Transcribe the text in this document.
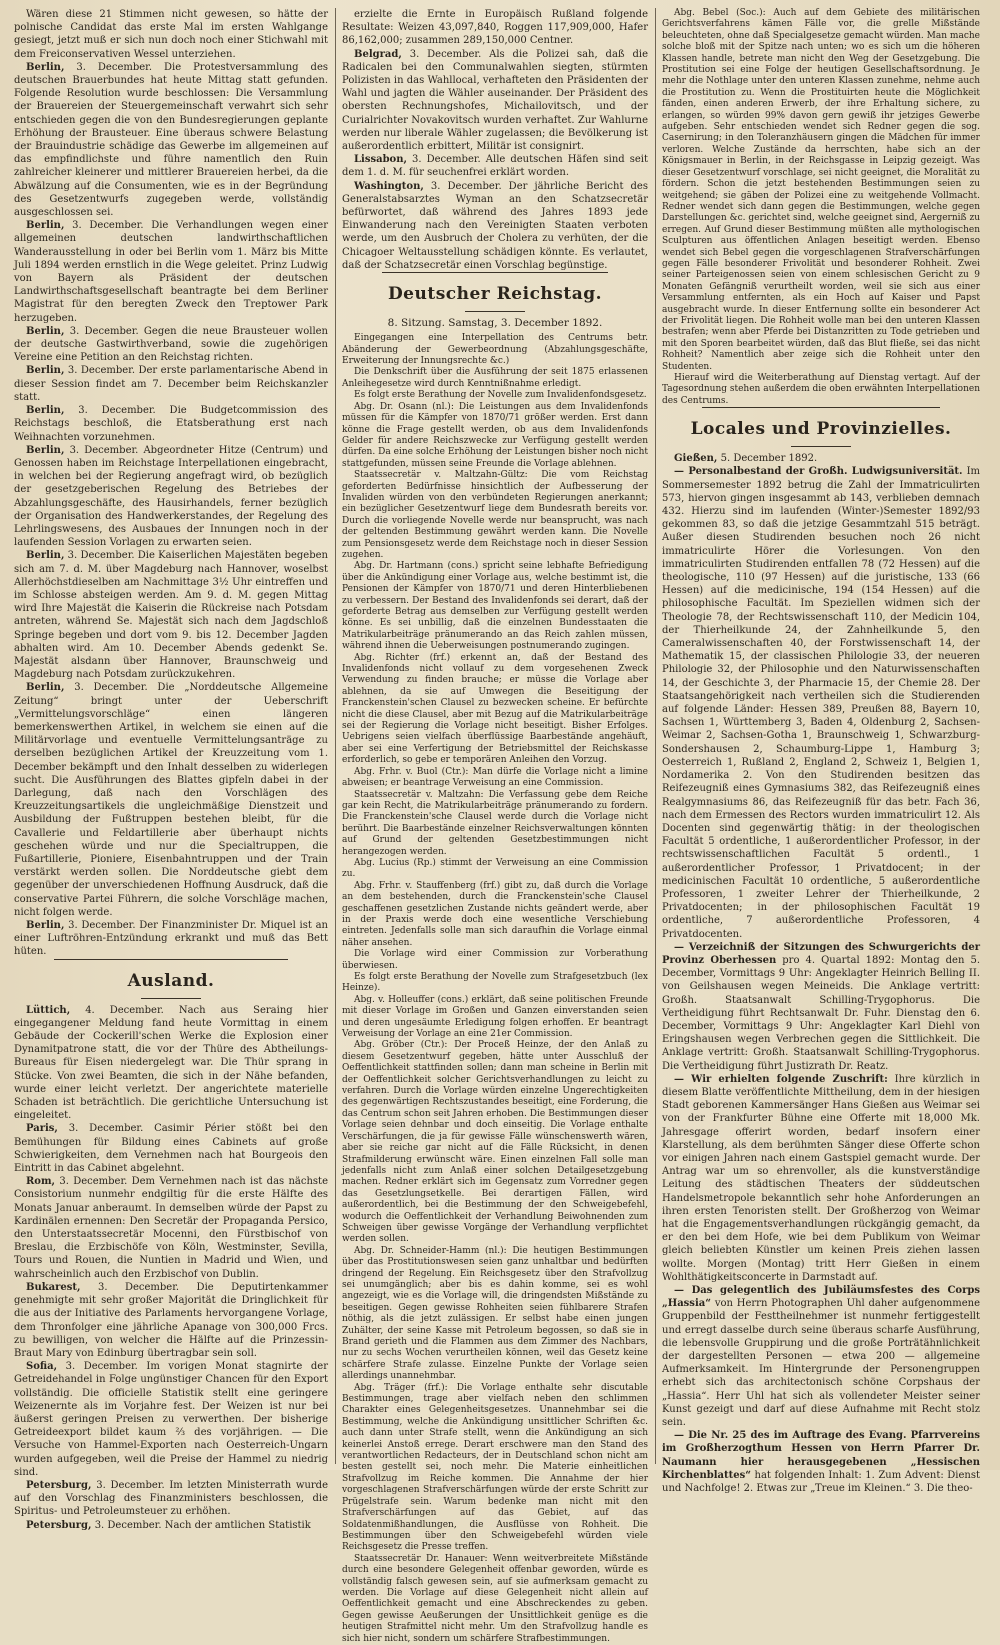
Wären diese 21 Stimmen nicht gewesen, so hätte der polnische Candidat das erste Mal im ersten Wahlgange gesiegt, jetzt muß er sich nun doch noch einer Stichwahl mit dem Freiconservativen Wessel unterziehen.

Berlin, 3. December. Die Protestversammlung des deutschen Brauerbundes hat heute Mittag statt gefunden. Folgende Resolution wurde beschlossen: Die Versammlung der Brauereien der Steuergemeinschaft verwahrt sich sehr entschieden gegen die von den Bundesregierungen geplante Erhöhung der Brausteuer. Eine überaus schwere Belastung der Brauindustrie schädige das Gewerbe im allgemeinen auf das empfindlichste und führe namentlich den Ruin zahlreicher kleinerer und mittlerer Brauereien herbei, da die Abwälzung auf die Consumenten, wie es in der Begründung des Gesetzentwurfs zugegeben werde, vollständig ausgeschlossen sei.

Berlin, 3. December. Die Verhandlungen wegen einer allgemeinen deutschen landwirthschaftlichen Wanderausstellung in oder bei Berlin vom 1. März bis Mitte Juli 1894 werden ernstlich in die Wege geleitet. Prinz Ludwig von Bayern als Präsident der deutschen Landwirthschaftsgesellschaft beantragte bei dem Berliner Magistrat für den beregten Zweck den Treptower Park herzugeben.

Berlin, 3. December. Gegen die neue Brausteuer wollen der deutsche Gastwirthverband, sowie die zugehörigen Vereine eine Petition an den Reichstag richten.

Berlin, 3. December. Der erste parlamentarische Abend in dieser Session findet am 7. December beim Reichskanzler statt.

Berlin, 3. December. Die Budgetcommission des Reichstags beschloß, die Etatsberathung erst nach Weihnachten vorzunehmen.

Berlin, 3. December. Abgeordneter Hitze (Centrum) und Genossen haben im Reichstage Interpellationen eingebracht, in welchen bei der Regierung angefragt wird, ob bezüglich der gesetzgeberischen Regelung des Betriebes der Abzahlungsgeschäfte, des Hausirhandels, ferner bezüglich der Organisation des Handwerkerstandes, der Regelung des Lehrlingswesens, des Ausbaues der Innungen noch in der laufenden Session Vorlagen zu erwarten seien.

Berlin, 3. December. Die Kaiserlichen Majestäten begeben sich am 7. d. M. über Magdeburg nach Hannover, woselbst Allerhöchstdieselben am Nachmittage 3½ Uhr eintreffen und im Schlosse absteigen werden. Am 9. d. M. gegen Mittag wird Ihre Majestät die Kaiserin die Rückreise nach Potsdam antreten, während Se. Majestät sich nach dem Jagdschloß Springe begeben und dort vom 9. bis 12. December Jagden abhalten wird. Am 10. December Abends gedenkt Se. Majestät alsdann über Hannover, Braunschweig und Magdeburg nach Potsdam zurückzukehren.

Berlin, 3. December. Die „Norddeutsche Allgemeine Zeitung“ bringt unter der Ueberschrift „Vermittelungsvorschläge“ einen längeren bemerkenswerthen Artikel, in welchem sie einen auf die Militärvorlage und eventuelle Vermittelungsanträge zu derselben bezüglichen Artikel der Kreuzzeitung vom 1. December bekämpft und den Inhalt desselben zu widerlegen sucht. Die Ausführungen des Blattes gipfeln dabei in der Darlegung, daß nach den Vorschlägen des Kreuzzeitungsartikels die ungleichmäßige Dienstzeit und Ausbildung der Fußtruppen bestehen bleibt, für die Cavallerie und Feldartillerie aber überhaupt nichts geschehen würde und nur die Specialtruppen, die Fußartillerie, Pioniere, Eisenbahntruppen und der Train verstärkt werden sollen. Die Norddeutsche giebt dem gegenüber der unverschiedenen Hoffnung Ausdruck, daß die conservative Partei Führern, die solche Vorschläge machen, nicht folgen werde.

Berlin, 3. December. Der Finanzminister Dr. Miquel ist an einer Luftröhren-Entzündung erkrankt und muß das Bett hüten.

Ausland.

Lüttich, 4. December. Nach aus Seraing hier eingegangener Meldung fand heute Vormittag in einem Gebäude der Cockerill'schen Werke die Explosion einer Dynamitpatrone statt, die vor der Thüre des Abtheilungs-Bureaus für Eisen niedergelegt war. Die Thür sprang in Stücke. Von zwei Beamten, die sich in der Nähe befanden, wurde einer leicht verletzt. Der angerichtete materielle Schaden ist beträchtlich. Die gerichtliche Untersuchung ist eingeleitet.

Paris, 3. December. Casimir Périer stößt bei den Bemühungen für Bildung eines Cabinets auf große Schwierigkeiten, dem Vernehmen nach hat Bourgeois den Eintritt in das Cabinet abgelehnt.

Rom, 3. December. Dem Vernehmen nach ist das nächste Consistorium nunmehr endgiltig für die erste Hälfte des Monats Januar anberaumt. In demselben würde der Papst zu Kardinälen ernennen: Den Secretär der Propaganda Persico, den Unterstaatssecretär Mocenni, den Fürstbischof von Breslau, die Erzbischöfe von Köln, Westminster, Sevilla, Tours und Rouen, die Nuntien in Madrid und Wien, und wahrscheinlich auch den Erzbischof von Dublin.

Bukarest, 3. December. Die Deputirtenkammer genehmigte mit sehr großer Majorität die Dringlichkeit für die aus der Initiative des Parlaments hervorgangene Vorlage, dem Thronfolger eine jährliche Apanage von 300,000 Frcs. zu bewilligen, von welcher die Hälfte auf die Prinzessin-Braut Mary von Edinburg übertragbar sein soll.

Sofia, 3. December. Im vorigen Monat stagnirte der Getreidehandel in Folge ungünstiger Chancen für den Export vollständig. Die officielle Statistik stellt eine geringere Weizenernte als im Vorjahre fest. Der Weizen ist nur bei äußerst geringen Preisen zu verwerthen. Der bisherige Getreideexport bildet kaum ⅔ des vorjährigen. — Die Versuche von Hammel-Exporten nach Oesterreich-Ungarn wurden aufgegeben, weil die Preise der Hammel zu niedrig sind.

Petersburg, 3. December. Im letzten Ministerrath wurde auf den Vorschlag des Finanzministers beschlossen, die Spiritus- und Petroleumsteuer zu erhöhen.

Petersburg, 3. December. Nach der amtlichen Statistik

erzielte die Ernte in Europäisch Rußland folgende Resultate: Weizen 43,097,840, Roggen 117,909,000, Hafer 86,162,000; zusammen 289,150,000 Centner.

Belgrad, 3. December. Als die Polizei sah, daß die Radicalen bei den Communalwahlen siegten, stürmten Polizisten in das Wahllocal, verhafteten den Präsidenten der Wahl und jagten die Wähler auseinander. Der Präsident des obersten Rechnungshofes, Michailovitsch, und der Curialrichter Novakovitsch wurden verhaftet. Zur Wahlurne werden nur liberale Wähler zugelassen; die Bevölkerung ist außerordentlich erbittert, Militär ist consignirt.

Lissabon, 3. December. Alle deutschen Häfen sind seit dem 1. d. M. für seuchenfrei erklärt worden.

Washington, 3. December. Der jährliche Bericht des Generalstabsarztes Wyman an den Schatzsecretär befürwortet, daß während des Jahres 1893 jede Einwanderung nach den Vereinigten Staaten verboten werde, um den Ausbruch der Cholera zu verhüten, der die Chicagoer Weltausstellung schädigen könnte. Es verlautet, daß der Schatzsecretär einen Vorschlag begünstige.

Deutscher Reichstag.
8. Sitzung. Samstag, 3. December 1892.

Eingegangen eine Interpellation des Centrums betr. Abänderung der Gewerbeordnung (Abzahlungsgeschäfte, Erweiterung der Innungsrechte &c.)

Die Denkschrift über die Ausführung der seit 1875 erlassenen Anleihegesetze wird durch Kenntnißnahme erledigt.

Es folgt erste Berathung der Novelle zum Invalidenfondsgesetz.

Abg. Dr. Osann (nl.): Die Leistungen aus dem Invalidenfonds müssen für die Kämpfer von 1870/71 größer werden. Erst dann könne die Frage gestellt werden, ob aus dem Invalidenfonds Gelder für andere Reichszwecke zur Verfügung gestellt werden dürfen. Da eine solche Erhöhung der Leistungen bisher noch nicht stattgefunden, müssen seine Freunde die Vorlage ablehnen.

Staatssecretär v. Maltzahn-Gültz: Die vom Reichstag geforderten Bedürfnisse hinsichtlich der Aufbesserung der Invaliden würden von den verbündeten Regierungen anerkannt; ein bezüglicher Gesetzentwurf liege dem Bundesrath bereits vor. Durch die vorliegende Novelle werde nur beansprucht, was nach der geltenden Bestimmung gewährt werden kann. Die Novelle zum Pensionsgesetz werde dem Reichstage noch in dieser Session zugehen.

Abg. Dr. Hartmann (cons.) spricht seine lebhafte Befriedigung über die Ankündigung einer Vorlage aus, welche bestimmt ist, die Pensionen der Kämpfer von 1870/71 und deren Hinterbliebenen zu verbessern. Der Bestand des Invalidenfonds sei derart, daß der geforderte Betrag aus demselben zur Verfügung gestellt werden könne. Es sei unbillig, daß die einzelnen Bundesstaaten die Matrikularbeiträge pränumerando an das Reich zahlen müssen, während ihnen die Ueberweisungen postnumerando zugingen.

Abg. Richter (frf.) erkennt an, daß der Bestand des Invalidenfonds nicht vollauf zu dem vorgesehenen Zweck Verwendung zu finden brauche; er müsse die Vorlage aber ablehnen, da sie auf Umwegen die Beseitigung der Franckenstein'schen Clausel zu bezwecken scheine. Er befürchte nicht die diese Clausel, aber mit Bezug auf die Matrikularbeiträge sei der Regierung die Vorlage nicht beseitigt. Bisher Erfolges. Uebrigens seien vielfach überflüssige Baarbestände angehäuft, aber sei eine Verfertigung der Betriebsmittel der Reichskasse erforderlich, so gebe er temporären Anleihen den Vorzug.

Abg. Frhr. v. Buol (Ctr.): Man dürfe die Vorlage nicht a limine abweisen; er beantrage Verweisung an eine Commission.

Staatssecretär v. Maltzahn: Die Verfassung gebe dem Reiche gar kein Recht, die Matrikularbeiträge pränumerando zu fordern. Die Franckenstein'sche Clausel werde durch die Vorlage nicht berührt. Die Baarbestände einzelner Reichsverwaltungen könnten auf Grund der geltenden Gesetzbestimmungen nicht herangezogen werden.

Abg. Lucius (Rp.) stimmt der Verweisung an eine Commission zu.

Abg. Frhr. v. Stauffenberg (frf.) gibt zu, daß durch die Vorlage an dem bestehenden, durch die Franckenstein'sche Clausel geschaffenen gesetzlichen Zustande nichts geändert werde, aber in der Praxis werde doch eine wesentliche Verschiebung eintreten. Jedenfalls solle man sich daraufhin die Vorlage einmal näher ansehen.

Die Vorlage wird einer Commission zur Vorberathung überwiesen.

Es folgt erste Berathung der Novelle zum Strafgesetzbuch (lex Heinze).

Abg. v. Holleuffer (cons.) erklärt, daß seine politischen Freunde mit dieser Vorlage im Großen und Ganzen einverstanden seien und deren ungesäumte Erledigung folgen erhoffen. Er beantragt Verweisung der Vorlage an eine 21er Commission.

Abg. Gröber (Ctr.): Der Proceß Heinze, der den Anlaß zu diesem Gesetzentwurf gegeben, hätte unter Ausschluß der Oeffentlichkeit stattfinden sollen; dann man scheine in Berlin mit der Oeffentlichkeit solcher Gerichtsverhandlungen zu leicht zu verfahren. Durch die Vorlage würden einzelne Ungerechtigkeiten des gegenwärtigen Rechtszustandes beseitigt, eine Forderung, die das Centrum schon seit Jahren erhoben. Die Bestimmungen dieser Vorlage seien dehnbar und doch einseitig. Die Vorlage enthalte Verschärfungen, die ja für gewisse Fälle wünschenswerth wären, aber sie reiche gar nicht auf die Fälle Rücksicht, in denen Strafmilderung erwünscht wäre. Einen einzelnen Fall solle man jedenfalls nicht zum Anlaß einer solchen Detailgesetzgebung machen. Redner erklärt sich im Gegensatz zum Vorredner gegen das Gesetzlungsetkelle. Bei derartigen Fällen, wird außerordentlich, bei die Bestimmung der den Schweigebefehl, wodurch die Oeffentlichkeit der Verhandlung Beiwohnenden zum Schweigen über gewisse Vorgänge der Verhandlung verpflichtet werden sollen.

Abg. Dr. Schneider-Hamm (nl.): Die heutigen Bestimmungen über das Prostitutionswesen seien ganz unhaltbar und bedürften dringend der Regelung. Ein Reichsgesetz über den Strafvollzug sei unumgänglich; aber bis es dahin komme, sei es wohl angezeigt, wie es die Vorlage will, die dringendsten Mißstände zu beseitigen. Gegen gewisse Rohheiten seien fühlbarere Strafen nöthig, als die jetzt zulässigen. Er selbst habe einen jungen Zuhälter, der seine Kasse mit Petroleum begossen, so daß sie in Brand gerieth und die Flammen aus dem Zimmer des Nachbars, nur zu sechs Wochen verurtheilen können, weil das Gesetz keine schärfere Strafe zulasse. Einzelne Punkte der Vorlage seien allerdings unannehmbar.

Abg. Träger (frf.): Die Vorlage enthalte sehr discutable Bestimmungen, trage aber vielfach neben den schlimmen Charakter eines Gelegenheitsgesetzes. Unannehmbar sei die Bestimmung, welche die Ankündigung unsittlicher Schriften &c. auch dann unter Strafe stellt, wenn die Ankündigung an sich keinerlei Anstoß errege. Derart erschwere man den Stand des verantwortlichen Redacteurs, der in Deutschland schon nicht am besten gestellt sei, noch mehr. Die Materie einheitlichen Strafvollzug im Reiche kommen. Die Annahme der hier vorgeschlagenen Strafverschärfungen würde der erste Schritt zur Prügelstrafe sein. Warum bedenke man nicht mit den Strafverschärfungen auf das Gebiet, auf das Soldatenmißhandlungen, die Ausflüsse von Rohheit. Die Bestimmungen über den Schweigebefehl würden viele Reichsgesetz die Presse treffen.

Staatssecretär Dr. Hanauer: Wenn weitverbreitete Mißstände durch eine besondere Gelegenheit offenbar geworden, würde es vollständig falsch gewesen sein, auf sie aufmerksam gemacht zu werden. Die Vorlage auf diese Gelegenheit nicht allein auf Oeffentlichkeit gemacht und eine Abschreckendes zu geben. Gegen gewisse Aeußerungen der Unsittlichkeit genüge es die heutigen Strafmittel nicht mehr. Um den Strafvollzug handle es sich hier nicht, sondern um schärfere Strafbestimmungen.

Abg. Bebel (Soc.): Auch auf dem Gebiete des militärischen Gerichtsverfahrens kämen Fälle vor, die grelle Mißstände beleuchteten, ohne daß Specialgesetze gemacht würden. Man mache solche bloß mit der Spitze nach unten; wo es sich um die höheren Klassen handle, betrete man nicht den Weg der Gesetzgebung. Die Prostitution sei eine Folge der heutigen Gesellschaftsordnung. Je mehr die Nothlage unter den unteren Klassen zunehme, nehme auch die Prostitution zu. Wenn die Prostituirten heute die Möglichkeit fänden, einen anderen Erwerb, der ihre Erhaltung sichere, zu erlangen, so würden 99% davon gern gewiß ihr jetziges Gewerbe aufgeben. Sehr entschieden wendet sich Redner gegen die sog. Casernirung; in den Toleranzhäusern gingen die Mädchen für immer verloren. Welche Zustände da herrschten, habe sich an der Königsmauer in Berlin, in der Reichsgasse in Leipzig gezeigt. Was dieser Gesetzentwurf vorschlage, sei nicht geeignet, die Moralität zu fördern. Schon die jetzt bestehenden Bestimmungen seien zu weitgehend; sie gäben der Polizei eine zu weitgehende Vollmacht. Redner wendet sich dann gegen die Bestimmungen, welche gegen Darstellungen &c. gerichtet sind, welche geeignet sind, Aergerniß zu erregen. Auf Grund dieser Bestimmung müßten alle mythologischen Sculpturen aus öffentlichen Anlagen beseitigt werden. Ebenso wendet sich Bebel gegen die vorgeschlagenen Strafverschärfungen gegen Fälle besonderer Frivolität und besonderer Rohheit. Zwei seiner Parteigenossen seien von einem schlesischen Gericht zu 9 Monaten Gefängniß verurtheilt worden, weil sie sich aus einer Versammlung entfernten, als ein Hoch auf Kaiser und Papst ausgebracht wurde. In dieser Entfernung sollte ein besonderer Act der Frivolität liegen. Die Rohheit wolle man bei den unteren Klassen bestrafen; wenn aber Pferde bei Distanzritten zu Tode getrieben und mit den Sporen bearbeitet würden, daß das Blut fließe, sei das nicht Rohheit? Namentlich aber zeige sich die Rohheit unter den Studenten.

Hierauf wird die Weiterberathung auf Dienstag vertagt. Auf der Tagesordnung stehen außerdem die oben erwähnten Interpellationen des Centrums.

Locales und Provinzielles.

Gießen, 5. December 1892.

— Personalbestand der Großh. Ludwigsuniversität. Im Sommersemester 1892 betrug die Zahl der Immatriculirten 573, hiervon gingen insgesammt ab 143, verblieben demnach 432. Hierzu sind im laufenden (Winter-)Semester 1892/93 gekommen 83, so daß die jetzige Gesammtzahl 515 beträgt. Außer diesen Studirenden besuchen noch 26 nicht immatriculirte Hörer die Vorlesungen. Von den immatriculirten Studirenden entfallen 78 (72 Hessen) auf die theologische, 110 (97 Hessen) auf die juristische, 133 (66 Hessen) auf die medicinische, 194 (154 Hessen) auf die philosophische Facultät. Im Speziellen widmen sich der Theologie 78, der Rechtswissenschaft 110, der Medicin 104, der Thierheilkunde 24, der Zahnheilkunde 5, den Cameralwissenschaften 40, der Forstwissenschaft 14, der Mathematik 15, der classischen Philologie 33, der neueren Philologie 32, der Philosophie und den Naturwissenschaften 14, der Geschichte 3, der Pharmacie 15, der Chemie 28. Der Staatsangehörigkeit nach vertheilen sich die Studierenden auf folgende Länder: Hessen 389, Preußen 88, Bayern 10, Sachsen 1, Württemberg 3, Baden 4, Oldenburg 2, Sachsen-Weimar 2, Sachsen-Gotha 1, Braunschweig 1, Schwarzburg-Sondershausen 2, Schaumburg-Lippe 1, Hamburg 3; Oesterreich 1, Rußland 2, England 2, Schweiz 1, Belgien 1, Nordamerika 2. Von den Studirenden besitzen das Reifezeugniß eines Gymnasiums 382, das Reifezeugniß eines Realgymnasiums 86, das Reifezeugniß für das betr. Fach 36, nach dem Ermessen des Rectors wurden immatriculirt 12. Als Docenten sind gegenwärtig thätig: in der theologischen Facultät 5 ordentliche, 1 außerordentlicher Professor, in der rechtswissenschaftlichen Facultät 5 ordentl., 1 außerordentlicher Professor, 1 Privatdocent; in der medicinischen Facultät 10 ordentliche, 5 außerordentliche Professoren, 1 zweiter Lehrer der Thierheilkunde, 2 Privatdocenten; in der philosophischen Facultät 19 ordentliche, 7 außerordentliche Professoren, 4 Privatdocenten.

— Verzeichniß der Sitzungen des Schwurgerichts der Provinz Oberhessen pro 4. Quartal 1892: Montag den 5. December, Vormittags 9 Uhr: Angeklagter Heinrich Belling II. von Geilshausen wegen Meineids. Die Anklage vertritt: Großh. Staatsanwalt Schilling-Trygophorus. Die Vertheidigung führt Rechtsanwalt Dr. Fuhr. Dienstag den 6. December, Vormittags 9 Uhr: Angeklagter Karl Diehl von Eringshausen wegen Verbrechen gegen die Sittlichkeit. Die Anklage vertritt: Großh. Staatsanwalt Schilling-Trygophorus. Die Vertheidigung führt Justizrath Dr. Reatz.

— Wir erhielten folgende Zuschrift: Ihre kürzlich in diesem Blatte veröffentlichte Mittheilung, dem in der hiesigen Stadt geborenen Kammersänger Hans Gießen aus Weimar sei von der Frankfurter Bühne eine Offerte mit 18,000 Mk. Jahresgage offerirt worden, bedarf insofern einer Klarstellung, als dem berühmten Sänger diese Offerte schon vor einigen Jahren nach einem Gastspiel gemacht wurde. Der Antrag war um so ehrenvoller, als die kunstverständige Leitung des städtischen Theaters der süddeutschen Handelsmetropole bekanntlich sehr hohe Anforderungen an ihren ersten Tenoristen stellt. Der Großherzog von Weimar hat die Engagementsverhandlungen rückgängig gemacht, da er den bei dem Hofe, wie bei dem Publikum von Weimar gleich beliebten Künstler um keinen Preis ziehen lassen wollte. Morgen (Montag) tritt Herr Gießen in einem Wohlthätigkeitsconcerte in Darmstadt auf.

— Das gelegentlich des Jubiläumsfestes des Corps „Hassia“ von Herrn Photographen Uhl daher aufgenommene Gruppenbild der Festtheilnehmer ist nunmehr fertiggestellt und erregt dasselbe durch seine überaus scharfe Ausführung, die lebensvolle Gruppirung und die große Porträtähnlichkeit der dargestellten Personen — etwa 200 — allgemeine Aufmerksamkeit. Im Hintergrunde der Personengruppen erhebt sich das architectonisch schöne Corpshaus der „Hassia“. Herr Uhl hat sich als vollendeter Meister seiner Kunst gezeigt und darf auf diese Aufnahme mit Recht stolz sein.

— Die Nr. 25 des im Auftrage des Evang. Pfarrvereins im Großherzogthum Hessen von Herrn Pfarrer Dr. Naumann hier herausgegebenen „Hessischen Kirchenblattes“ hat folgenden Inhalt: 1. Zum Advent: Dienst und Nachfolge! 2. Etwas zur „Treue im Kleinen.“ 3. Die theo-
